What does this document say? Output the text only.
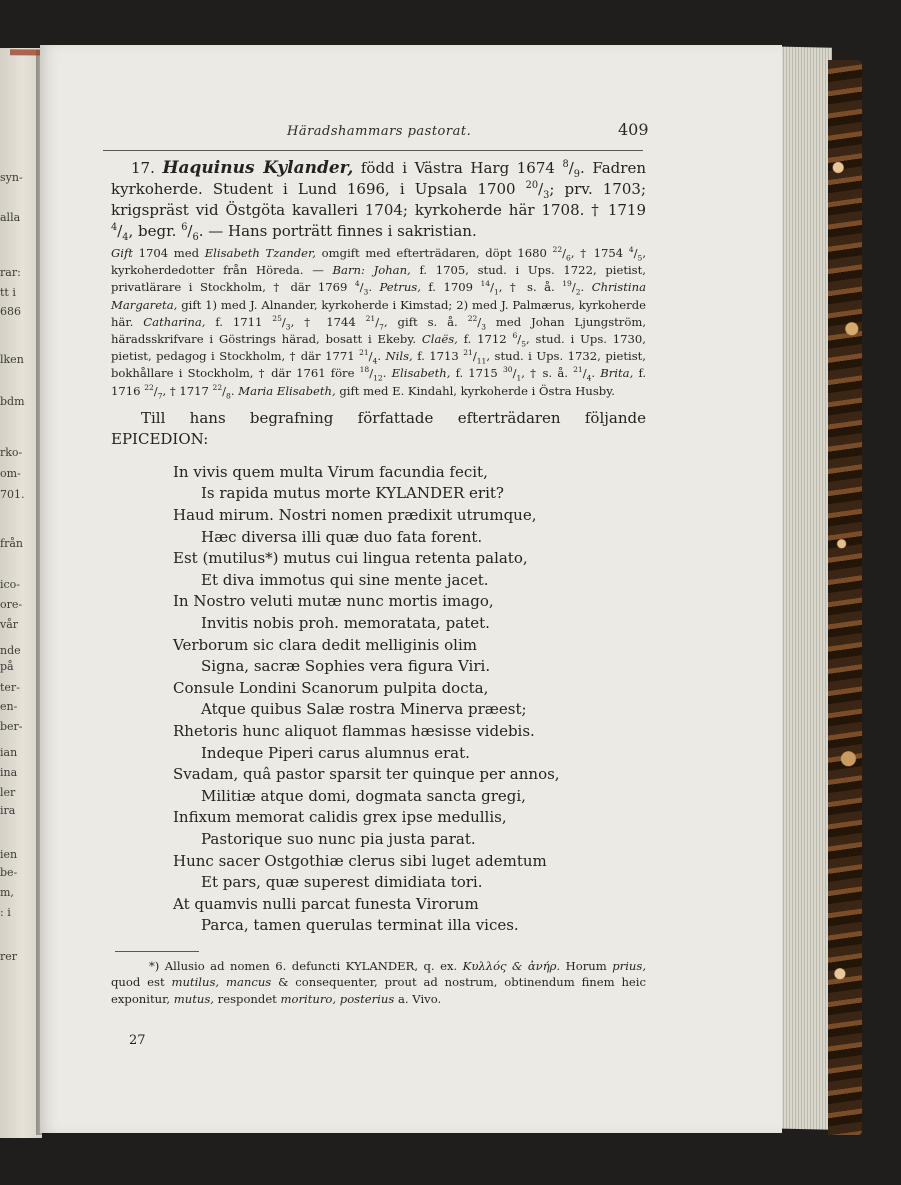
syn-
alla
rar:
tt i
686
lken
bdm
rko-
om-
701.
från
ico-
ore-
vår
nde
på
ter-
en-
ber-
ian
ina
ler
ira
ien
be-
m,
: i
rer
Häradshammars pastorat.	409

17. Haquinus Kylander, född i Västra Harg 1674 $^8/_9$. Fadren kyrkoherde. Student i Lund 1696, i Upsala 1700 $^{20}/_3$; prv. 1703; krigspräst vid Östgöta kavalleri 1704; kyrkoherde här 1708. † 1719 $^4/_4$, begr. $^6/_6$. — Hans porträtt finnes i sakristian.

Gift 1704 med Elisabeth Tzander, omgift med efterträdaren, döpt 1680 $^{22}/_6$, † 1754 $^4/_5$, kyrkoherdedotter från Höreda. — Barn: Johan, f. 1705, stud. i Ups. 1722, pietist, privatlärare i Stockholm, † där 1769 $^4/_3$. Petrus, f. 1709 $^{14}/_1$, † s. å. $^{19}/_2$. Christina Margareta, gift 1) med J. Alnander, kyrkoherde i Kimstad; 2) med J. Palmærus, kyrkoherde här. Catharina, f. 1711 $^{25}/_3$, † 1744 $^{21}/_7$, gift s. å. $^{22}/_3$ med Johan Ljungström, häradsskrifvare i Göstrings härad, bosatt i Ekeby. Claës, f. 1712 $^6/_5$, stud. i Ups. 1730, pietist, pedagog i Stockholm, † där 1771 $^{21}/_4$. Nils, f. 1713 $^{21}/_{11}$, stud. i Ups. 1732, pietist, bokhållare i Stockholm, † där 1761 före $^{18}/_{12}$. Elisabeth, f. 1715 $^{30}/_1$, † s. å. $^{21}/_4$. Brita, f. 1716 $^{22}/_7$, † 1717 $^{22}/_8$. Maria Elisabeth, gift med E. Kindahl, kyrkoherde i Östra Husby.

Till hans begrafning författade efterträdaren följande EPICEDION:

In vivis quem multa Virum facundia fecit,
Is rapida mutus morte KYLANDER erit?
Haud mirum. Nostri nomen prædixit utrumque,
Hæc diversa illi quæ duo fata forent.
Est (mutilus*) mutus cui lingua retenta palato,
Et diva immotus qui sine mente jacet.
In Nostro veluti mutæ nunc mortis imago,
Invitis nobis proh. memoratata, patet.
Verborum sic clara dedit melliginis olim
Signa, sacræ Sophies vera figura Viri.
Consule Londini Scanorum pulpita docta,
Atque quibus Salæ rostra Minerva præest;
Rhetoris hunc aliquot flammas hæsisse videbis.
Indeque Piperi carus alumnus erat.
Svadam, quâ pastor sparsit ter quinque per annos,
Militiæ atque domi, dogmata sancta gregi,
Infixum memorat calidis grex ipse medullis,
Pastorique suo nunc pia justa parat.
Hunc sacer Ostgothiæ clerus sibi luget ademtum
Et pars, quæ superest dimidiata tori.
At quamvis nulli parcat funesta Virorum
Parca, tamen querulas terminat illa vices.

*) Allusio ad nomen 6. defuncti KYLANDER, q. ex. Κυλλός & ἀνήρ. Horum prius, quod est mutilus, mancus & consequenter, prout ad nostrum, obtinendum finem heic exponitur, mutus, respondet morituro, posterius a. Vivo.

27
